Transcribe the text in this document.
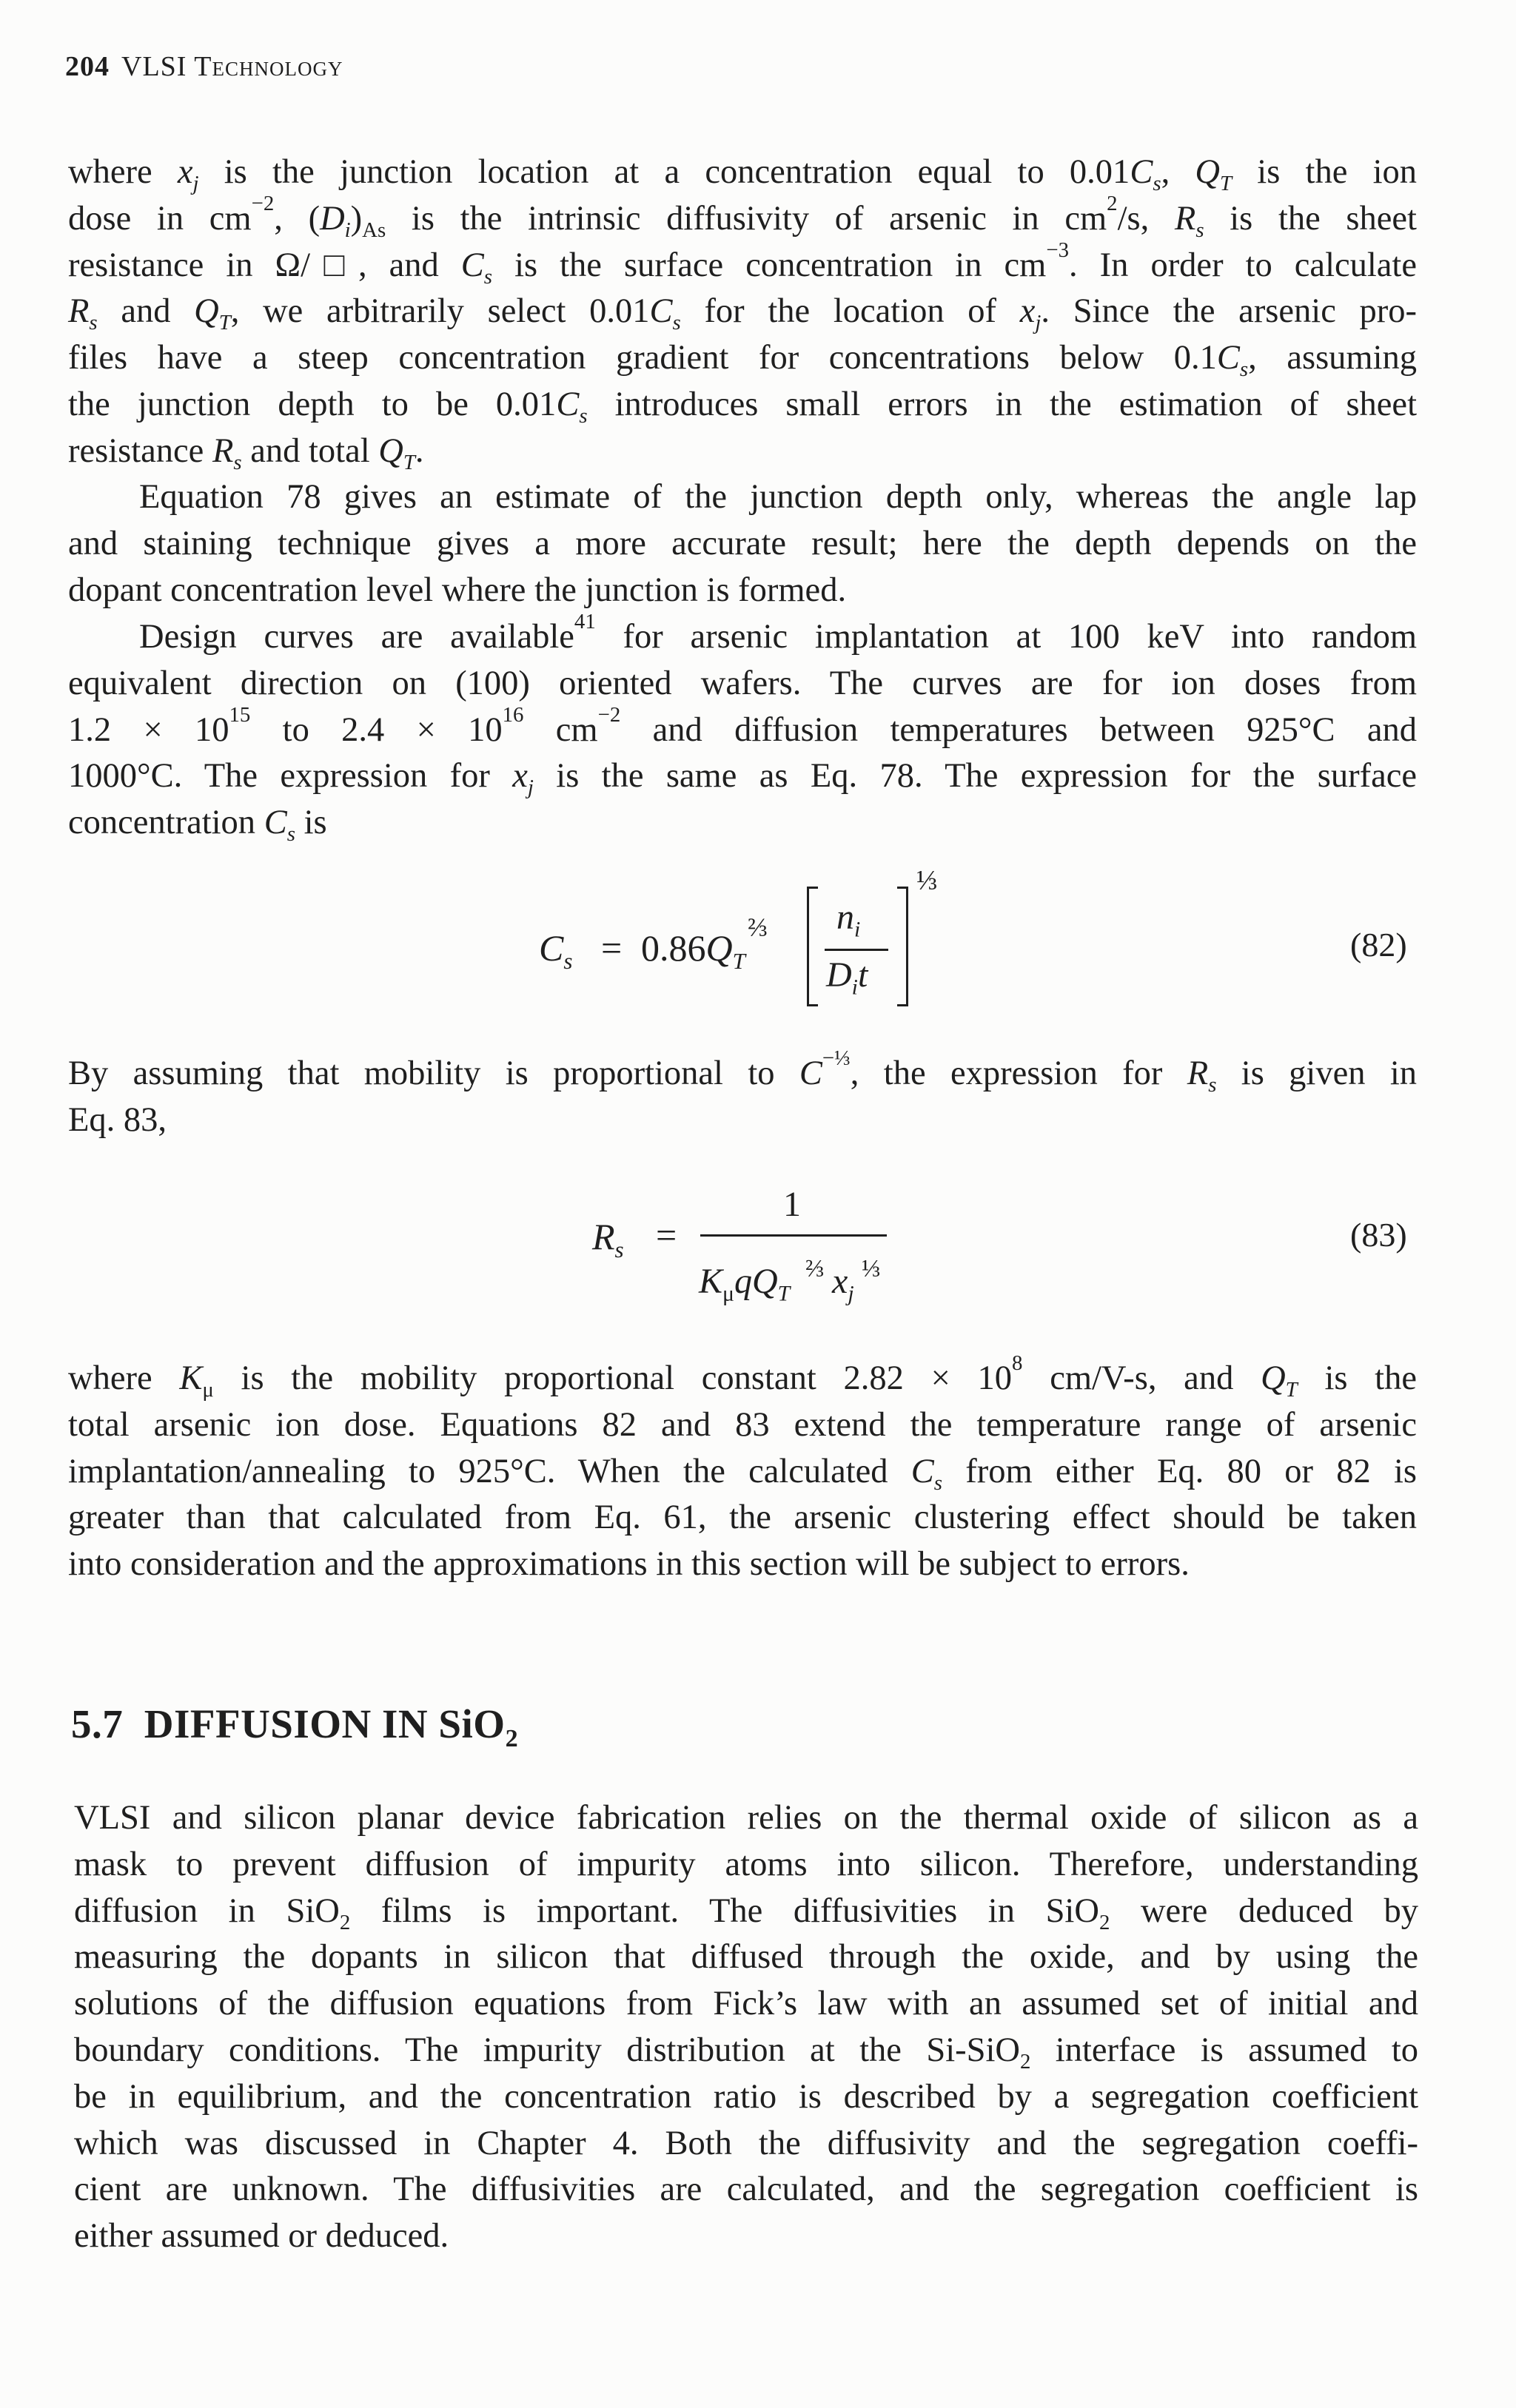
204 VLSI Technology
where $x_j$ is the junction location at a concentration equal to $0.01C_s$, $Q_T$ is the ion
dose in $cm^{-2}$, $(D_i)_{As}$ is the intrinsic diffusivity of arsenic in $cm^2/s$, $R_s$ is the sheet
resistance in Ω/□, and $C_s$ is the surface concentration in $cm^{-3}$. In order to calculate
$R_s$ and $Q_T$, we arbitrarily select $0.01C_s$ for the location of $x_j$. Since the arsenic pro-
files have a steep concentration gradient for concentrations below $0.1C_s$, assuming
the junction depth to be $0.01C_s$ introduces small errors in the estimation of sheet
resistance $R_s$ and total $Q_T$.
Equation 78 gives an estimate of the junction depth only, whereas the angle lap
and staining technique gives a more accurate result; here the depth depends on the
dopant concentration level where the junction is formed.
Design curves are available$^{41}$ for arsenic implantation at 100 keV into random
equivalent direction on (100) oriented wafers. The curves are for ion doses from
$1.2 \times 10^{15}$ to $2.4 \times 10^{16}$ $cm^{-2}$ and diffusion temperatures between 925°C and
1000°C. The expression for $x_j$ is the same as Eq. 78. The expression for the surface
concentration $C_s$ is
$C_s = 0.86Q_T$
⅔ $n_i$
$D_it$
⅓
(82)
By assuming that mobility is proportional to $C^{-\frac{1}{3}}$, the expression for $R_s$ is given in
Eq. 83,
$R_s$ =
1
$K_\mu qQ_T$
⅔ $x_j$
⅓
(83)
where $K_\mu$ is the mobility proportional constant $2.82 \times 10^8$ cm/V-s, and $Q_T$ is the
total arsenic ion dose. Equations 82 and 83 extend the temperature range of arsenic
implantation/annealing to 925°C. When the calculated $C_s$ from either Eq. 80 or 82 is
greater than that calculated from Eq. 61, the arsenic clustering effect should be taken
into consideration and the approximations in this section will be subject to errors.
5.7 DIFFUSION IN SiO$_2$
VLSI and silicon planar device fabrication relies on the thermal oxide of silicon as a
mask to prevent diffusion of impurity atoms into silicon. Therefore, understanding
diffusion in SiO$_2$ films is important. The diffusivities in SiO$_2$ were deduced by
measuring the dopants in silicon that diffused through the oxide, and by using the
solutions of the diffusion equations from Fick’s law with an assumed set of initial and
boundary conditions. The impurity distribution at the Si-SiO$_2$ interface is assumed to
be in equilibrium, and the concentration ratio is described by a segregation coefficient
which was discussed in Chapter 4. Both the diffusivity and the segregation coeffi-
cient are unknown. The diffusivities are calculated, and the segregation coefficient is
either assumed or deduced.
